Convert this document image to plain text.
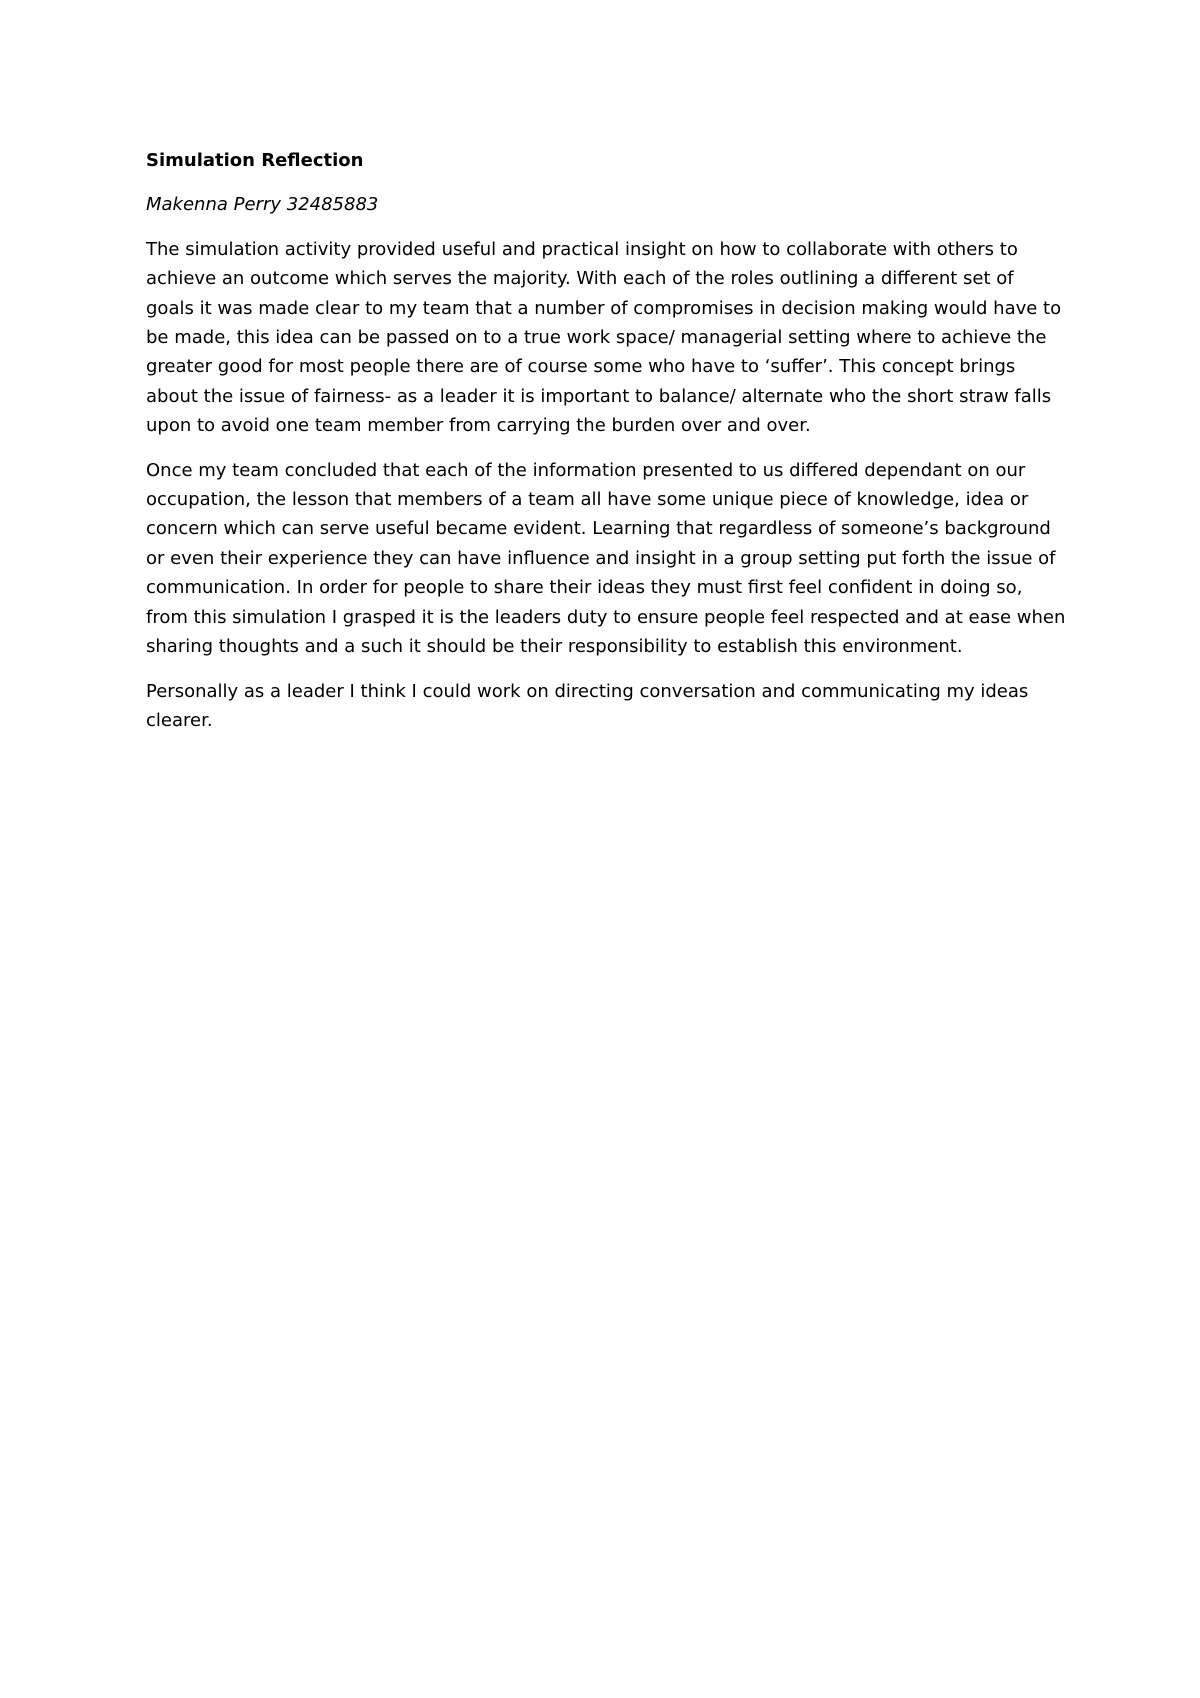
Simulation Reflection

Makenna Perry 32485883

The simulation activity provided useful and practical insight on how to collaborate with others to achieve an outcome which serves the majority. With each of the roles outlining a different set of goals it was made clear to my team that a number of compromises in decision making would have to be made, this idea can be passed on to a true work space/ managerial setting where to achieve the greater good for most people there are of course some who have to ‘suffer’. This concept brings about the issue of fairness- as a leader it is important to balance/ alternate who the short straw falls upon to avoid one team member from carrying the burden over and over.

Once my team concluded that each of the information presented to us differed dependant on our occupation, the lesson that members of a team all have some unique piece of knowledge, idea or concern which can serve useful became evident. Learning that regardless of someone’s background or even their experience they can have influence and insight in a group setting put forth the issue of communication. In order for people to share their ideas they must first feel confident in doing so, from this simulation I grasped it is the leaders duty to ensure people feel respected and at ease when sharing thoughts and a such it should be their responsibility to establish this environment.

Personally as a leader I think I could work on directing conversation and communicating my ideas clearer.
